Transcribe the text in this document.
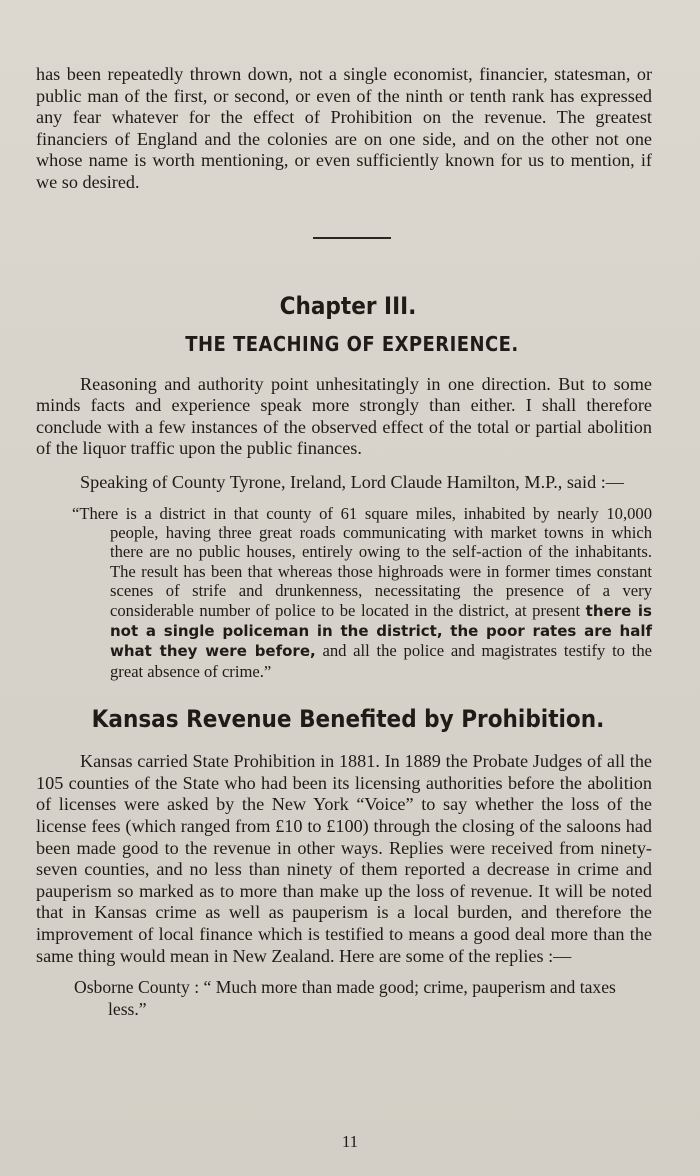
has been repeatedly thrown down, not a single economist, financier, statesman, or public man of the first, or second, or even of the ninth or tenth rank has expressed any fear whatever for the effect of Prohibition on the revenue. The greatest financiers of England and the colonies are on one side, and on the other not one whose name is worth mentioning, or even sufficiently known for us to mention, if we so desired.

Chapter III.
THE TEACHING OF EXPERIENCE.

Reasoning and authority point unhesitatingly in one direction. But to some minds facts and experience speak more strongly than either. I shall therefore conclude with a few instances of the observed effect of the total or partial abolition of the liquor traffic upon the public finances.

Speaking of County Tyrone, Ireland, Lord Claude Hamilton, M.P., said :—

“There is a district in that county of 61 square miles, inhabited by nearly 10,000 people, having three great roads communicating with market towns in which there are no public houses, entirely owing to the self-action of the inhabitants. The result has been that whereas those highroads were in former times constant scenes of strife and drunkenness, necessitating the presence of a very considerable number of police to be located in the district, at present there is not a single policeman in the district, the poor rates are half what they were before, and all the police and magistrates testify to the great absence of crime.”

Kansas Revenue Benefited by Prohibition.

Kansas carried State Prohibition in 1881. In 1889 the Probate Judges of all the 105 counties of the State who had been its licensing authorities before the abolition of licenses were asked by the New York “Voice” to say whether the loss of the license fees (which ranged from £10 to £100) through the closing of the saloons had been made good to the revenue in other ways. Replies were received from ninety-seven counties, and no less than ninety of them reported a decrease in crime and pauperism so marked as to more than make up the loss of revenue. It will be noted that in Kansas crime as well as pauperism is a local burden, and therefore the improvement of local finance which is testified to means a good deal more than the same thing would mean in New Zealand. Here are some of the replies :—

Osborne County : “ Much more than made good; crime, pauperism and taxes less.”

11
